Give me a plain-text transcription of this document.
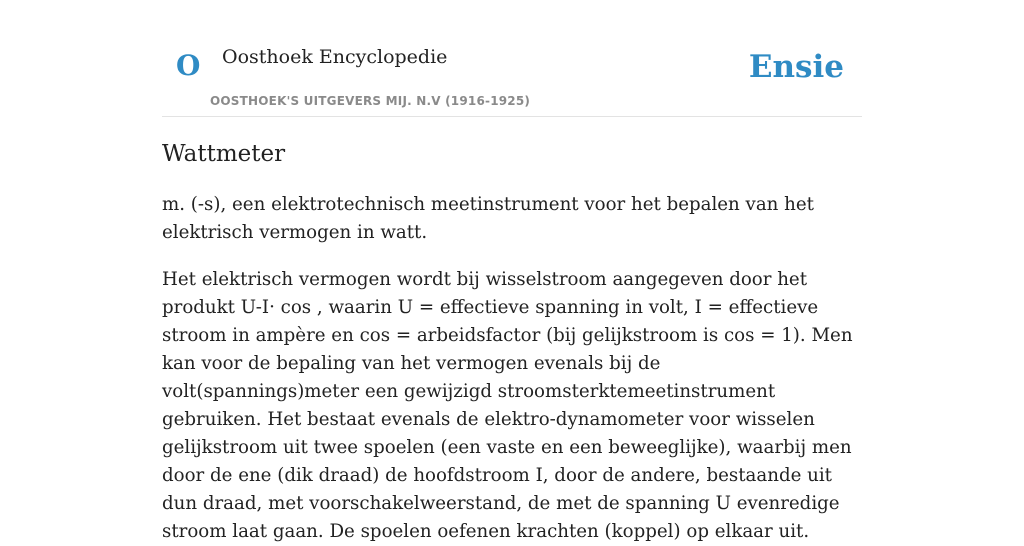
O Oosthoek Encyclopedie
OOSTHOEK'S UITGEVERS MIJ. N.V (1916-1925)
Ensie
Wattmeter

m. (-s), een elektrotechnisch meetinstrument voor het bepalen van het elektrisch vermogen in watt.

Het elektrisch vermogen wordt bij wisselstroom aangegeven door het produkt U-I· cos , waarin U = effectieve spanning in volt, I = effectieve stroom in ampère en cos = arbeidsfactor (bij gelijkstroom is cos = 1). Men kan voor de bepaling van het vermogen evenals bij de volt(spannings)meter een gewijzigd stroomsterktemeetinstrument gebruiken. Het bestaat evenals de elektro-dynamometer voor wisselen gelijkstroom uit twee spoelen (een vaste en een beweeglijke), waarbij men door de ene (dik draad) de hoofdstroom I, door de andere, bestaande uit dun draad, met voorschakelweerstand, de met de spanning U evenredige stroom laat gaan. De spoelen oefenen krachten (koppel) op elkaar uit.
